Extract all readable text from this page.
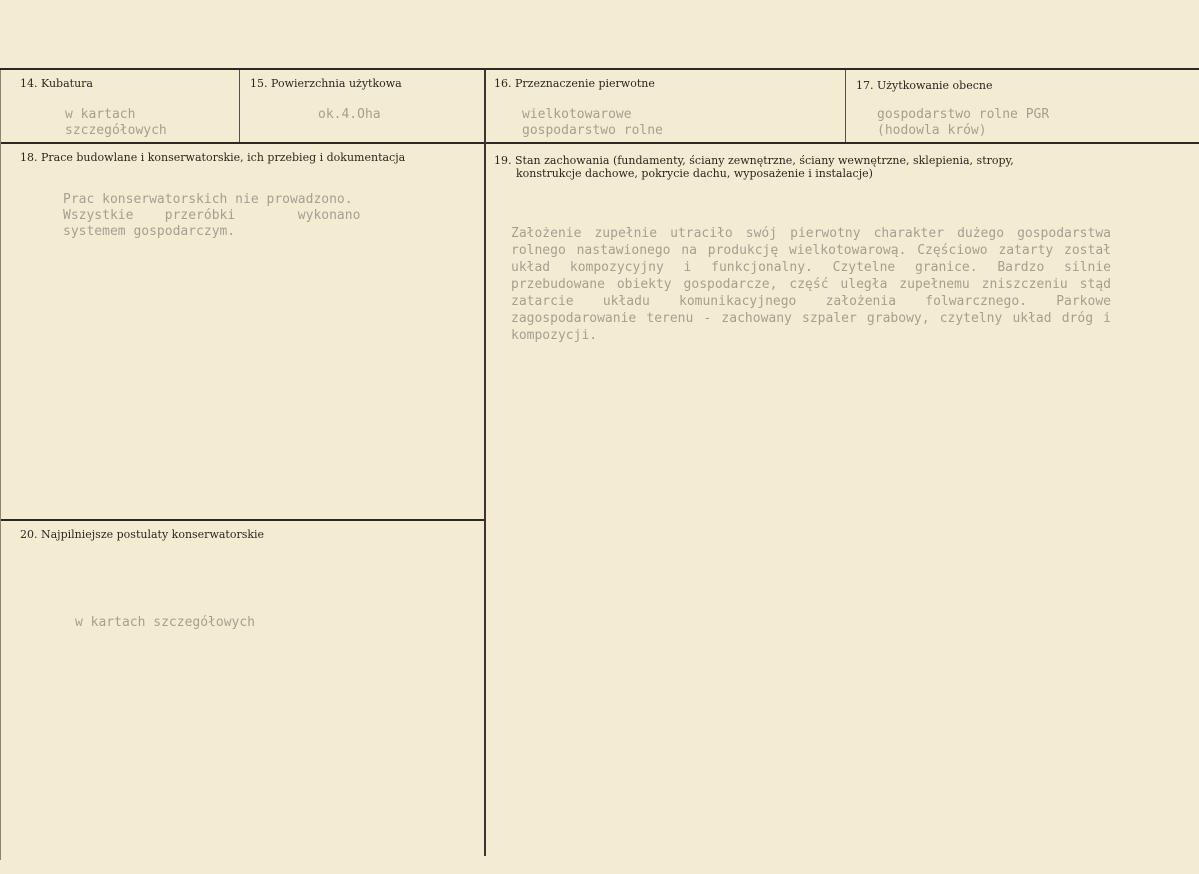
14. Kubatura
w kartach
szczegółowych
15. Powierzchnia użytkowa
ok.4.Oha
16. Przeznaczenie pierwotne
wielkotowarowe
gospodarstwo rolne
17. Użytkowanie obecne
gospodarstwo rolne PGR
(hodowla krów)
18. Prace budowlane i konserwatorskie, ich przebieg i dokumentacja
Prac konserwatorskich nie prowadzono.
Wszystkie    przeróbki        wykonano
systemem gospodarczym.
19. Stan zachowania (fundamenty, ściany zewnętrzne, ściany wewnętrzne, sklepienia, stropy,
konstrukcje dachowe, pokrycie dachu, wyposażenie i instalacje)
Założenie zupełnie utraciło swój pierwotny charakter dużego gospodarstwa rolnego nastawionego na produkcję wielkotowarową. Częściowo zatarty został układ kompozycyjny i funkcjonalny. Czytelne granice. Bardzo silnie przebudowane obiekty gospodarcze, część uległa zupełnemu zniszczeniu stąd zatarcie układu komunikacyjnego założenia folwarcznego. Parkowe zagospodarowanie terenu - zachowany szpaler grabowy, czytelny układ dróg i kompozycji.
20. Najpilniejsze postulaty konserwatorskie
w kartach szczegółowych
